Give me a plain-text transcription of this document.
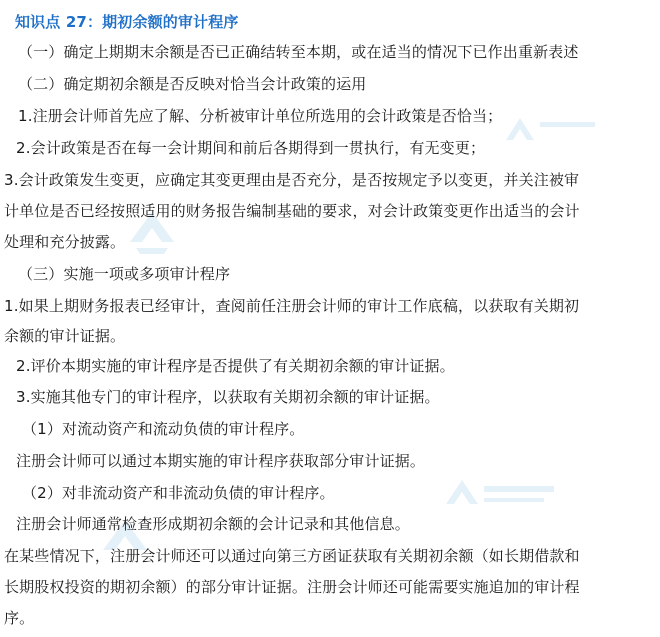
知识点 27：期初余额的审计程序
（一）确定上期期末余额是否已正确结转至本期，或在适当的情况下已作出重新表述
（二）确定期初余额是否反映对恰当会计政策的运用
1.注册会计师首先应了解、分析被审计单位所选用的会计政策是否恰当；
2.会计政策是否在每一会计期间和前后各期得到一贯执行，有无变更；
3.会计政策发生变更，应确定其变更理由是否充分，是否按规定予以变更，并关注被审
计单位是否已经按照适用的财务报告编制基础的要求，对会计政策变更作出适当的会计
处理和充分披露。
（三）实施一项或多项审计程序
1.如果上期财务报表已经审计，查阅前任注册会计师的审计工作底稿，以获取有关期初
余额的审计证据。
2.评价本期实施的审计程序是否提供了有关期初余额的审计证据。
3.实施其他专门的审计程序，以获取有关期初余额的审计证据。
（1）对流动资产和流动负债的审计程序。
注册会计师可以通过本期实施的审计程序获取部分审计证据。
（2）对非流动资产和非流动负债的审计程序。
注册会计师通常检查形成期初余额的会计记录和其他信息。
在某些情况下，注册会计师还可以通过向第三方函证获取有关期初余额（如长期借款和
长期股权投资的期初余额）的部分审计证据。注册会计师还可能需要实施追加的审计程
序。
